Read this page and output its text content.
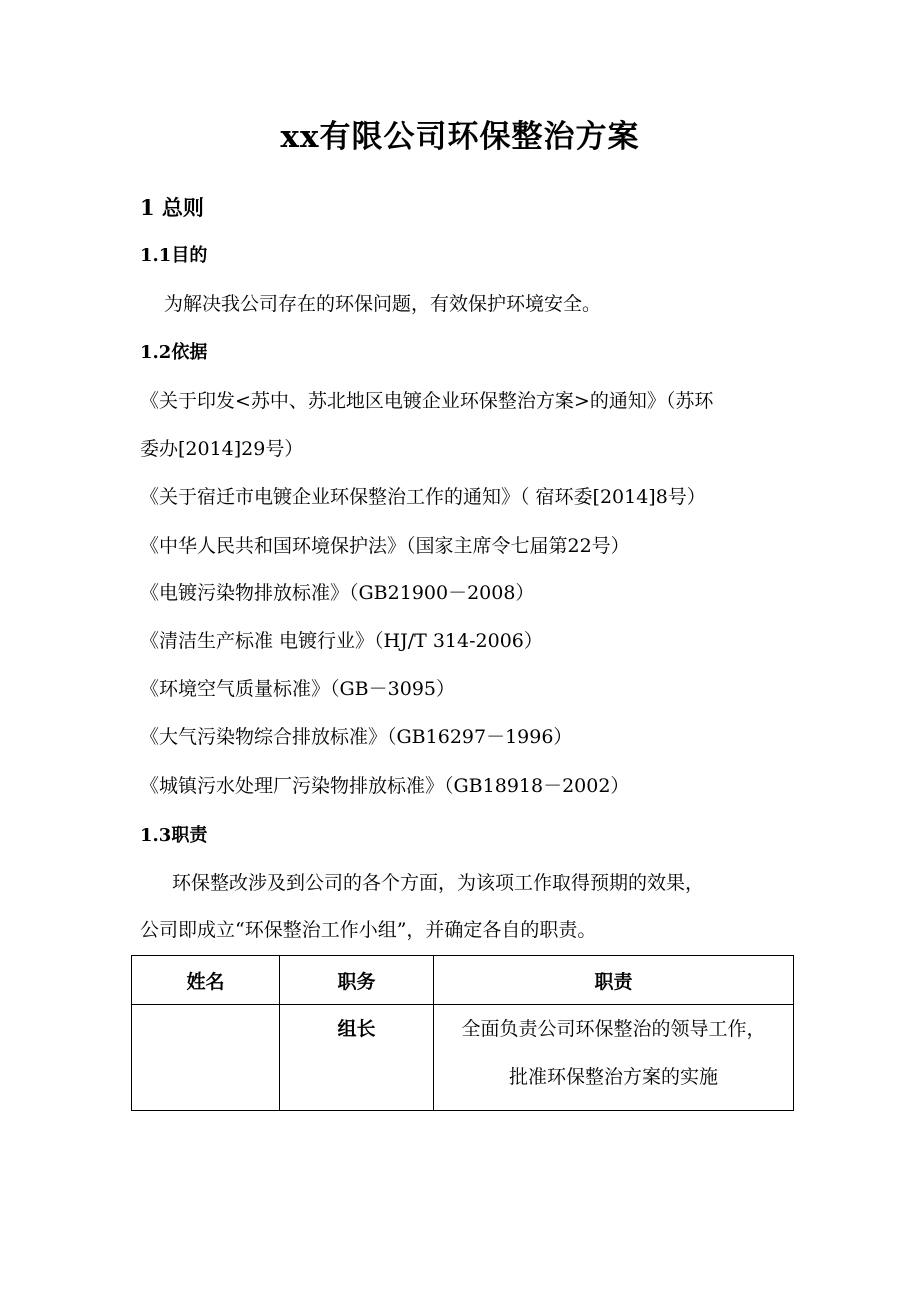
xx有限公司环保整治方案
1 总则
1.1目的
为解决我公司存在的环保问题，有效保护环境安全。
1.2依据
《关于印发<苏中、苏北地区电镀企业环保整治方案>的通知》（苏环
委办[2014]29号）
《关于宿迁市电镀企业环保整治工作的通知》（ 宿环委[2014]8号）
《中华人民共和国环境保护法》（国家主席令七届第22号）
《电镀污染物排放标准》（GB21900－2008）
《清洁生产标准 电镀行业》（HJ/T 314-2006）
《环境空气质量标准》（GB－3095）
《大气污染物综合排放标准》（GB16297－1996）
《城镇污水处理厂污染物排放标准》（GB18918－2002）
1.3职责
环保整改涉及到公司的各个方面，为该项工作取得预期的效果，
公司即成立“环保整治工作小组”，并确定各自的职责。
姓名	职务	职责
	组长	全面负责公司环保整治的领导工作，
批准环保整治方案的实施
